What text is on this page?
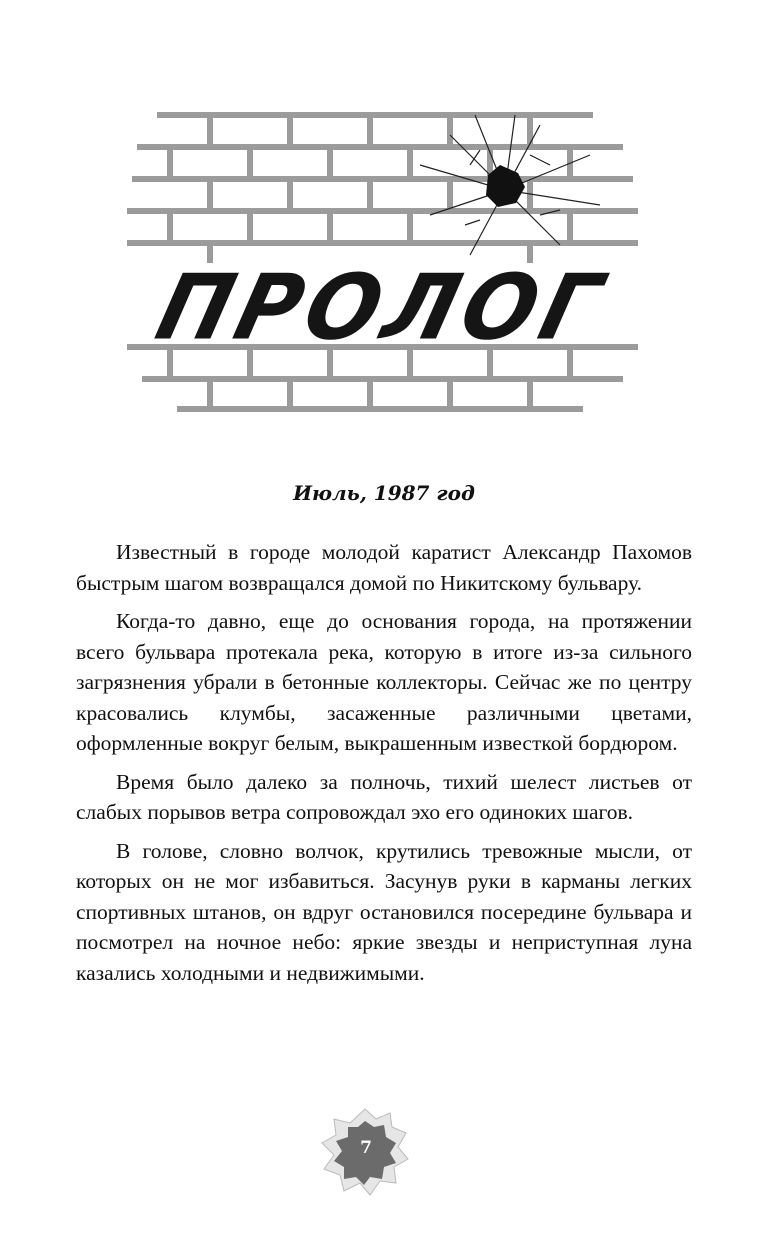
ПРОЛОГ
Июль, 1987 год

Известный в городе молодой каратист Александр Пахомов быстрым шагом возвращался домой по Никитскому бульвару.

Когда-то давно, еще до основания города, на протяжении всего бульвара протекала река, которую в итоге из-за сильного загрязнения убрали в бетонные коллекторы. Сейчас же по центру красовались клумбы, засаженные различными цветами, оформленные вокруг белым, выкрашенным известкой бордюром.

Время было далеко за полночь, тихий шелест листьев от слабых порывов ветра сопровождал эхо его одиноких шагов.

В голове, словно волчок, крутились тревожные мысли, от которых он не мог избавиться. Засунув руки в карманы легких спортивных штанов, он вдруг остановился посередине бульвара и посмотрел на ночное небо: яркие звезды и неприступная луна казались холодными и недвижимыми.

7
